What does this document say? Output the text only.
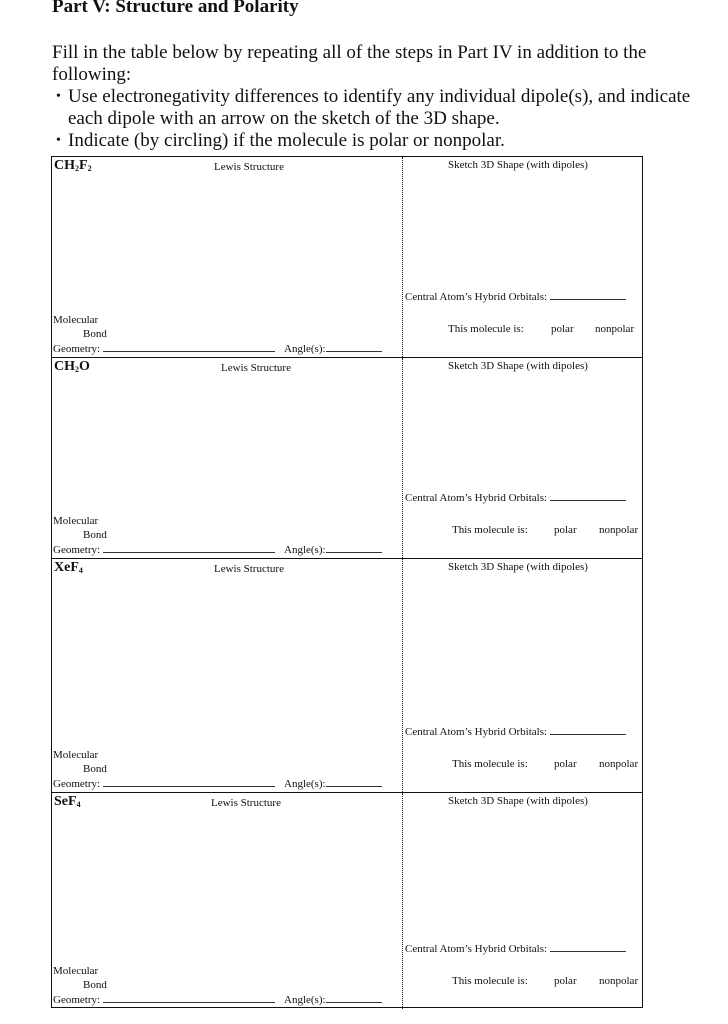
Part V: Structure and Polarity

Fill in the table below by repeating all of the steps in Part IV in addition to the following:

• Use electronegativity differences to identify any individual dipole(s), and indicate each dipole with an arrow on the sketch of the 3D shape.
• Indicate (by circling) if the molecule is polar or nonpolar.
$CH_2F_2$	Lewis Structure	Sketch 3D Shape (with dipoles)
Central Atom’s Hybrid Orbitals:
This molecule is: polar nonpolar
Molecular
Bond
Geometry:	Angle(s):
$CH_2O$	Lewis Structure	Sketch 3D Shape (with dipoles)
Central Atom’s Hybrid Orbitals:
This molecule is: polar nonpolar
Molecular
Bond
Geometry:	Angle(s):
XeF$_4$	Lewis Structure	Sketch 3D Shape (with dipoles)
Central Atom’s Hybrid Orbitals:
This molecule is: polar nonpolar
Molecular
Bond
Geometry:	Angle(s):
SeF$_4$	Lewis Structure	Sketch 3D Shape (with dipoles)
Central Atom’s Hybrid Orbitals:
This molecule is: polar nonpolar
Molecular
Bond
Geometry:	Angle(s):
